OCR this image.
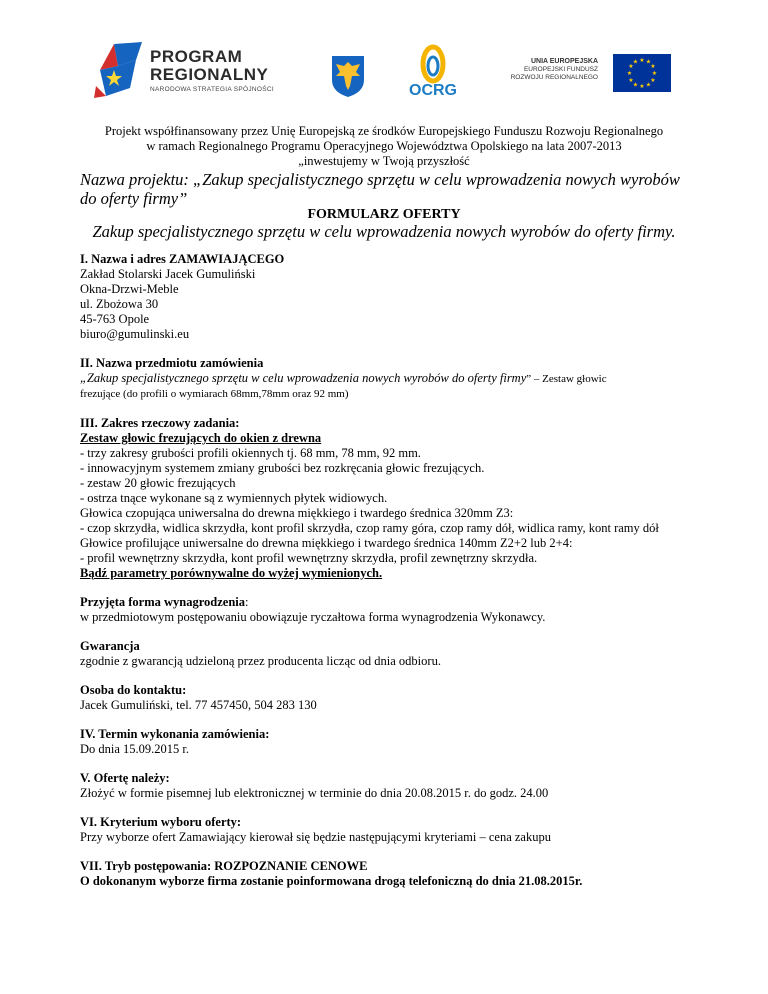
PROGRAM
REGIONALNY
NARODOWA STRATEGIA SPÓJNOŚCI	OCRG
UNIA EUROPEJSKA
EUROPEJSKI FUNDUSZ
ROZWOJU REGIONALNEGO
★ ★
★
★
★
★
★
★
★
★
★
★
Projekt współfinansowany przez Unię Europejską ze środków Europejskiego Funduszu Rozwoju Regionalnego
w ramach Regionalnego Programu Operacyjnego Województwa Opolskiego na lata 2007-2013
„inwestujemy w Twoją przyszłość
Nazwa projektu: „Zakup specjalistycznego sprzętu w celu wprowadzenia nowych wyrobów do oferty firmy”
FORMULARZ OFERTY
Zakup specjalistycznego sprzętu w celu wprowadzenia nowych wyrobów do oferty firmy.

I. Nazwa i adres ZAMAWIAJĄCEGO

Zakład Stolarski Jacek Gumuliński

Okna-Drzwi-Meble

ul. Zbożowa 30

45-763 Opole

biuro@gumulinski.eu

II. Nazwa przedmiotu zamówienia

„Zakup specjalistycznego sprzętu w celu wprowadzenia nowych wyrobów do oferty firmy” – Zestaw głowic

frezujące (do profili o wymiarach 68mm,78mm oraz 92 mm)

III. Zakres rzeczowy zadania:

Zestaw głowic frezujących do okien z drewna

- trzy zakresy grubości profili okiennych tj. 68 mm, 78 mm, 92 mm.

- innowacyjnym systemem zmiany grubości bez rozkręcania głowic frezujących.

- zestaw 20 głowic frezujących

- ostrza tnące wykonane są z wymiennych płytek widiowych.

Głowica czopująca uniwersalna do drewna miękkiego i twardego średnica 320mm Z3:

- czop skrzydła, widlica skrzydła, kont profil skrzydła, czop ramy góra, czop ramy dół, widlica ramy, kont ramy dół

Głowice profilujące uniwersalne do drewna miękkiego i twardego średnica 140mm Z2+2 lub 2+4:

- profil wewnętrzny skrzydła, kont profil wewnętrzny skrzydła, profil zewnętrzny skrzydła.

Bądź parametry porównywalne do wyżej wymienionych.

Przyjęta forma wynagrodzenia:

w przedmiotowym postępowaniu obowiązuje ryczałtowa forma wynagrodzenia Wykonawcy.

Gwarancja

zgodnie z gwarancją udzieloną przez producenta licząc od dnia odbioru.

Osoba do kontaktu:

Jacek Gumuliński, tel. 77 457450, 504 283 130

IV. Termin wykonania zamówienia:

Do dnia 15.09.2015 r.

V. Ofertę należy:

Złożyć w formie pisemnej lub elektronicznej w terminie do dnia 20.08.2015 r. do godz. 24.00

VI. Kryterium wyboru oferty:

Przy wyborze ofert Zamawiający kierował się będzie następującymi kryteriami – cena zakupu

VII. Tryb postępowania: ROZPOZNANIE CENOWE

O dokonanym wyborze firma zostanie poinformowana drogą telefoniczną do dnia 21.08.2015r.
